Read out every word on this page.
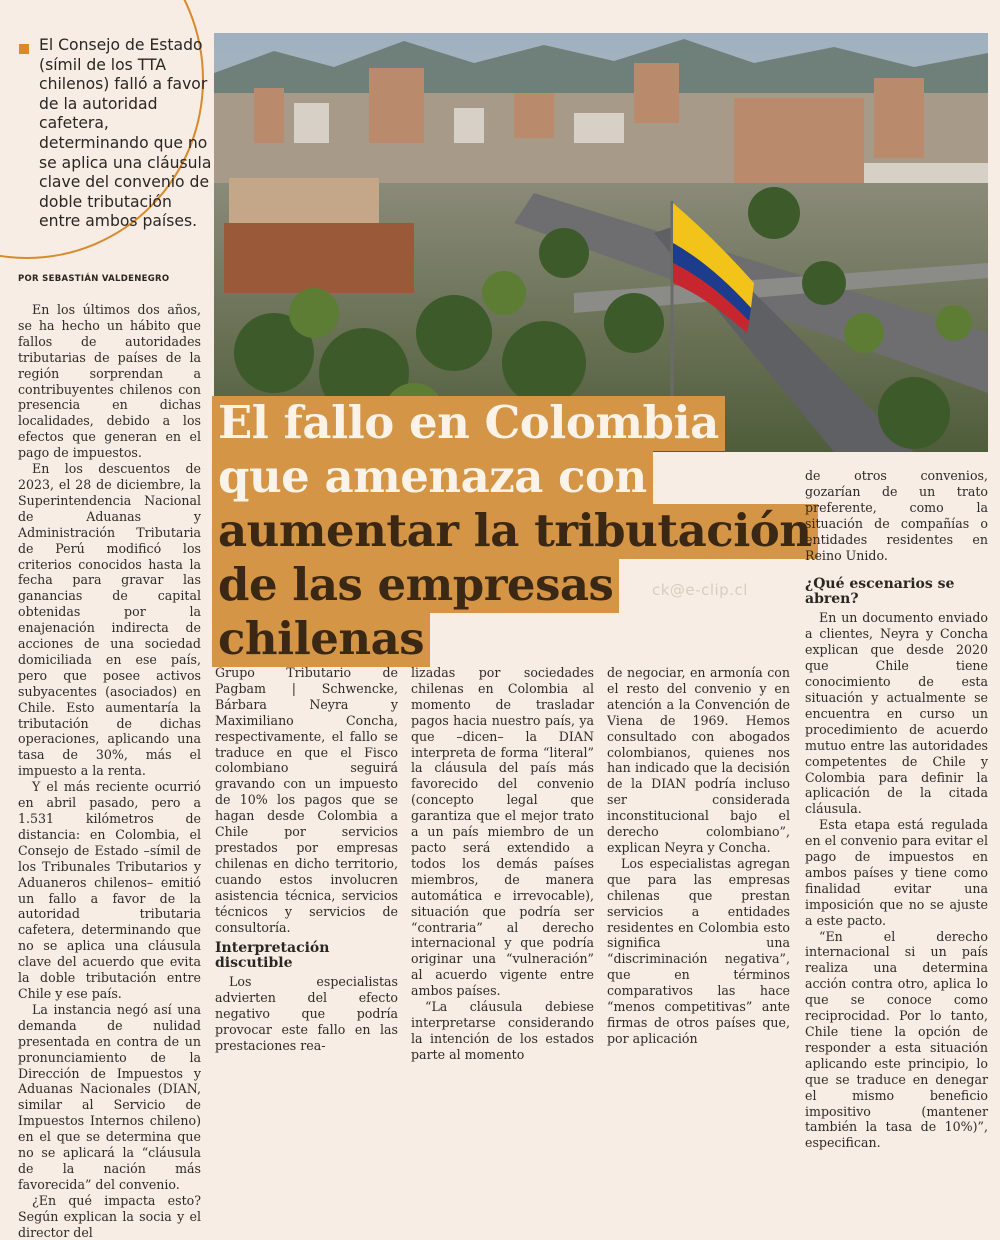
El Consejo de Estado (símil de los TTA chilenos) falló a favor de la autoridad cafetera, determinando que no se aplica una cláusula clave del convenio de doble tributación entre ambos países.
POR SEBASTIÁN VALDENEGRO
El fallo en Colombia que amenaza con aumentar la tributación de las empresas chilenas
ck@e-clip.cl

En los últimos dos años, se ha hecho un hábito que fallos de autoridades tributarias de países de la región sorprendan a contribuyentes chilenos con presencia en dichas localidades, debido a los efectos que generan en el pago de impuestos.

En los descuentos de 2023, el 28 de diciembre, la Superintendencia Nacional de Aduanas y Administración Tributaria de Perú modificó los criterios conocidos hasta la fecha para gravar las ganancias de capital obtenidas por la enajenación indirecta de acciones de una sociedad domiciliada en ese país, pero que posee activos subyacentes (asociados) en Chile. Esto aumentaría la tributación de dichas operaciones, aplicando una tasa de 30%, más el impuesto a la renta.

Y el más reciente ocurrió en abril pasado, pero a 1.531 kilómetros de distancia: en Colombia, el Consejo de Estado –símil de los Tribunales Tributarios y Aduaneros chilenos– emitió un fallo a favor de la autoridad tributaria cafetera, determinando que no se aplica una cláusula clave del acuerdo que evita la doble tributación entre Chile y ese país.

La instancia negó así una demanda de nulidad presentada en contra de un pronunciamiento de la Dirección de Impuestos y Aduanas Nacionales (DIAN, similar al Servicio de Impuestos Internos chileno) en el que se determina que no se aplicará la “cláusula de la nación más favorecida” del convenio.

¿En qué impacta esto? Según explican la socia y el director del

Grupo Tributario de Pagbam | Schwencke, Bárbara Neyra y Maximiliano Concha, respectivamente, el fallo se traduce en que el Fisco colombiano seguirá gravando con un impuesto de 10% los pagos que se hagan desde Colombia a Chile por servicios prestados por empresas chilenas en dicho territorio, cuando estos involucren asistencia técnica, servicios técnicos y servicios de consultoría.

Interpretación discutible

Los especialistas advierten del efecto negativo que podría provocar este fallo en las prestaciones rea-

lizadas por sociedades chilenas en Colombia al momento de trasladar pagos hacia nuestro país, ya que –dicen– la DIAN interpreta de forma “literal” la cláusula del país más favorecido del convenio (concepto legal que garantiza que el mejor trato a un país miembro de un pacto será extendido a todos los demás países miembros, de manera automática e irrevocable), situación que podría ser “contraria” al derecho internacional y que podría originar una “vulneración” al acuerdo vigente entre ambos países.

“La cláusula debiese interpretarse considerando la intención de los estados parte al momento

de negociar, en armonía con el resto del convenio y en atención a la Convención de Viena de 1969. Hemos consultado con abogados colombianos, quienes nos han indicado que la decisión de la DIAN podría incluso ser considerada inconstitucional bajo el derecho colombiano”, explican Neyra y Concha.

Los especialistas agregan que para las empresas chilenas que prestan servicios a entidades residentes en Colombia esto significa una “discriminación negativa”, que en términos comparativos las hace “menos competitivas” ante firmas de otros países que, por aplicación

de otros convenios, gozarían de un trato preferente, como la situación de compañías o entidades residentes en Reino Unido.

¿Qué escenarios se abren?

En un documento enviado a clientes, Neyra y Concha explican que desde 2020 que Chile tiene conocimiento de esta situación y actualmente se encuentra en curso un procedimiento de acuerdo mutuo entre las autoridades competentes de Chile y Colombia para definir la aplicación de la citada cláusula.

Esta etapa está regulada en el convenio para evitar el pago de impuestos en ambos países y tiene como finalidad evitar una imposición que no se ajuste a este pacto.

“En el derecho internacional si un país realiza una determina acción contra otro, aplica lo que se conoce como reciprocidad. Por lo tanto, Chile tiene la opción de responder a esta situación aplicando este principio, lo que se traduce en denegar el mismo beneficio impositivo (mantener también la tasa de 10%)”, especifican.
